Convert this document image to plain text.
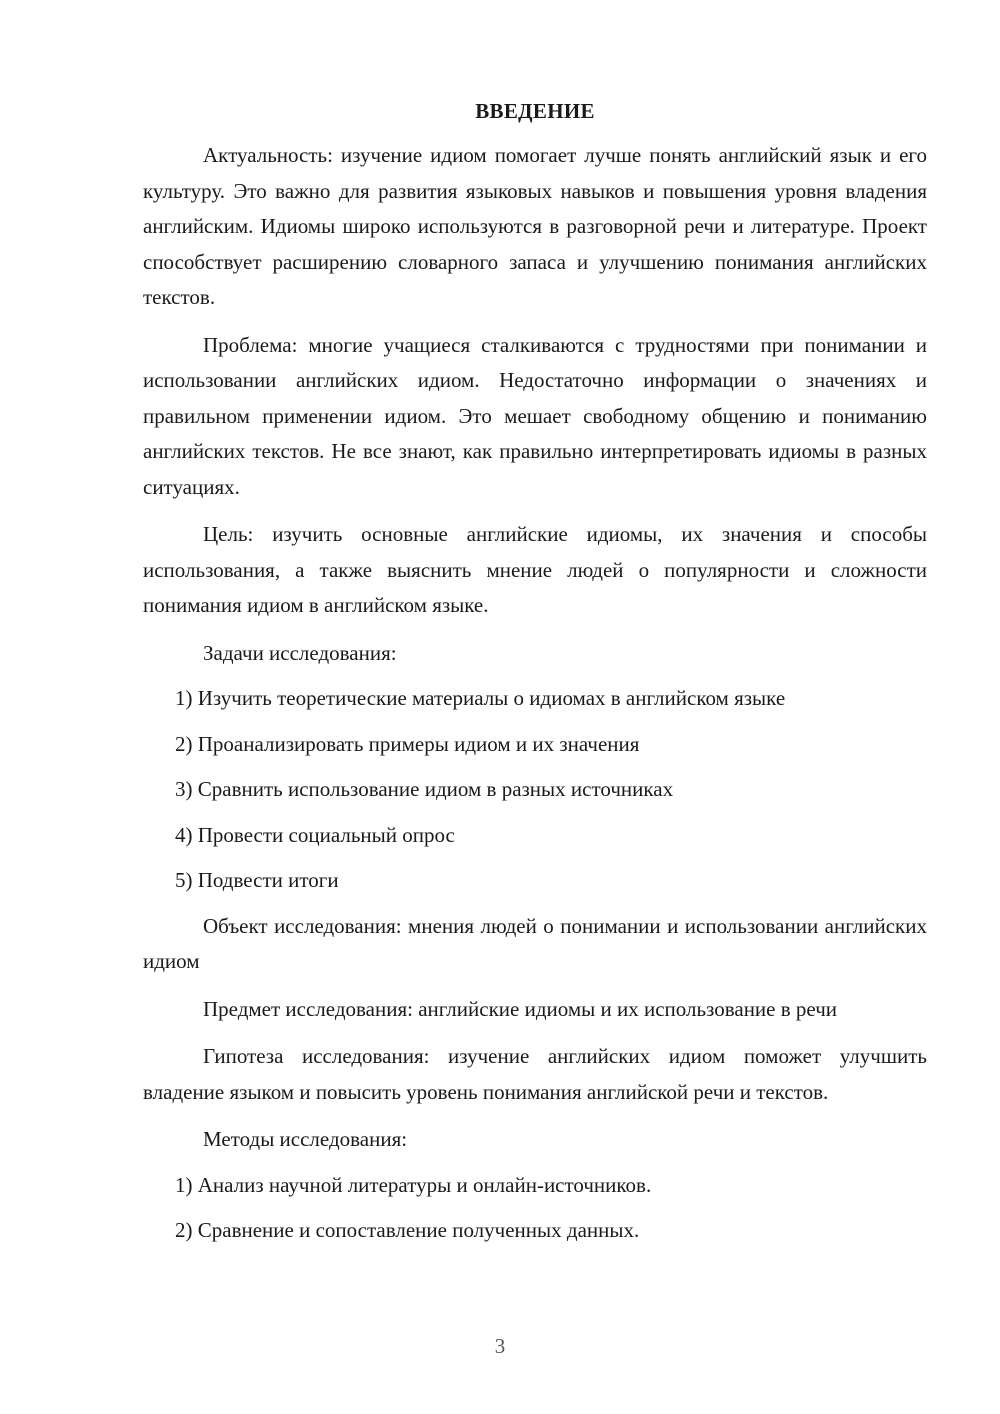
ВВЕДЕНИЕ

Актуальность: изучение идиом помогает лучше понять английский язык и его культуру. Это важно для развития языковых навыков и повышения уровня владения английским. Идиомы широко используются в разговорной речи и литературе. Проект способствует расширению словарного запаса и улучшению понимания английских текстов.

Проблема: многие учащиеся сталкиваются с трудностями при понимании и использовании английских идиом. Недостаточно информации о значениях и правильном применении идиом. Это мешает свободному общению и пониманию английских текстов. Не все знают, как правильно интерпретировать идиомы в разных ситуациях.

Цель: изучить основные английские идиомы, их значения и способы использования, а также выяснить мнение людей о популярности и сложности понимания идиом в английском языке.

Задачи исследования:

1) Изучить теоретические материалы о идиомах в английском языке
2) Проанализировать примеры идиом и их значения
3) Сравнить использование идиом в разных источниках
4) Провести социальный опрос
5) Подвести итоги

Объект исследования: мнения людей о понимании и использовании английских идиом

Предмет исследования: английские идиомы и их использование в речи

Гипотеза исследования: изучение английских идиом поможет улучшить владение языком и повысить уровень понимания английской речи и текстов.

Методы исследования:

1) Анализ научной литературы и онлайн-источников.
2) Сравнение и сопоставление полученных данных.
3
